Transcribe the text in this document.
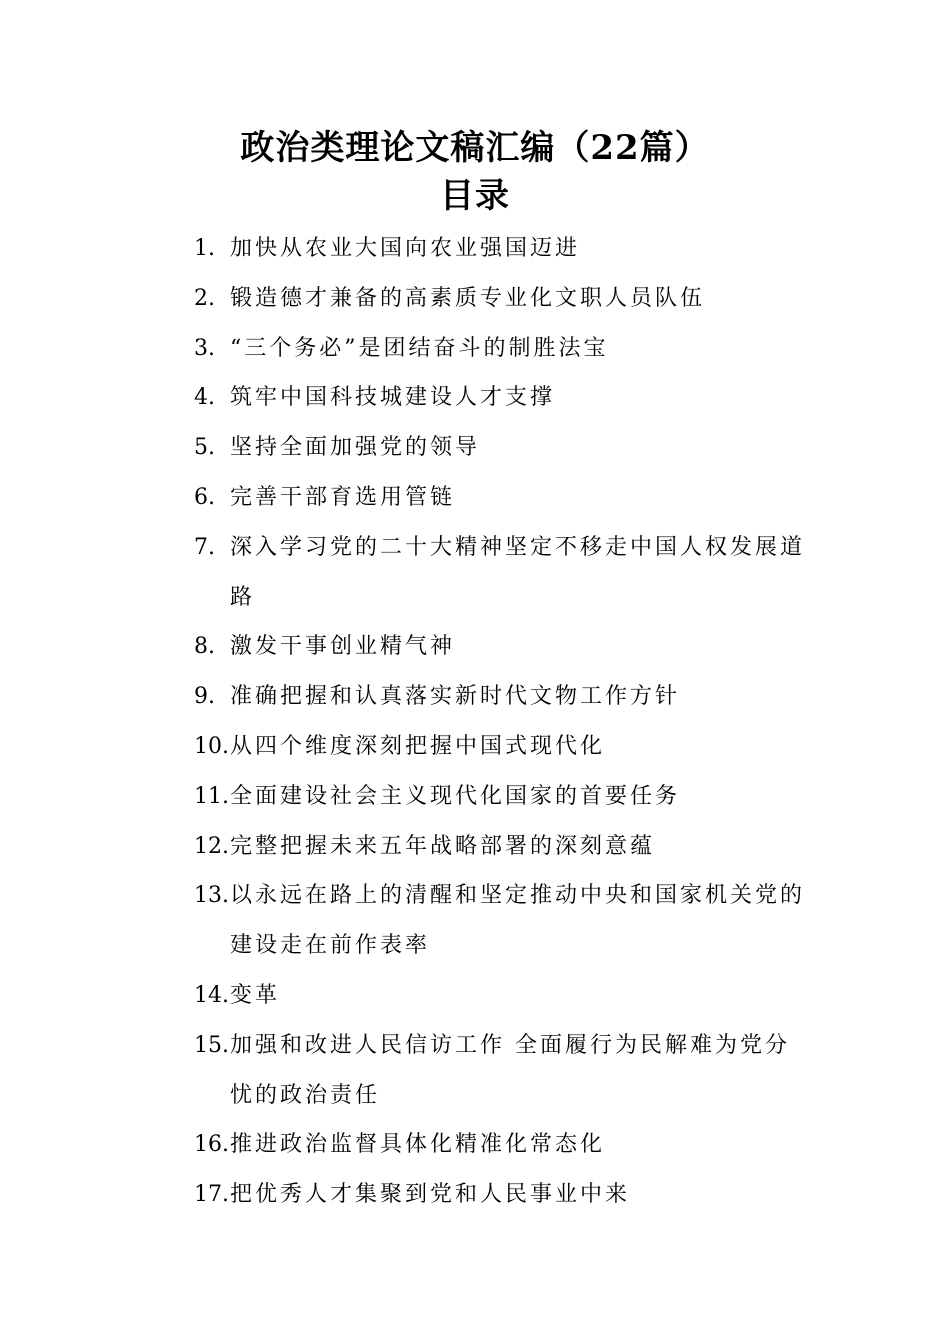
政治类理论文稿汇编（22篇）
目录
1. 加快从农业大国向农业强国迈进
2. 锻造德才兼备的高素质专业化文职人员队伍
3. “三个务必”是团结奋斗的制胜法宝
4. 筑牢中国科技城建设人才支撑
5. 坚持全面加强党的领导
6. 完善干部育选用管链
7. 深入学习党的二十大精神坚定不移走中国人权发展道路
8. 激发干事创业精气神
9. 准确把握和认真落实新时代文物工作方针
10. 从四个维度深刻把握中国式现代化
11. 全面建设社会主义现代化国家的首要任务
12. 完整把握未来五年战略部署的深刻意蕴
13. 以永远在路上的清醒和坚定推动中央和国家机关党的建设走在前作表率
14. 变革
15. 加强和改进人民信访工作 全面履行为民解难为党分忧的政治责任
16. 推进政治监督具体化精准化常态化
17. 把优秀人才集聚到党和人民事业中来
